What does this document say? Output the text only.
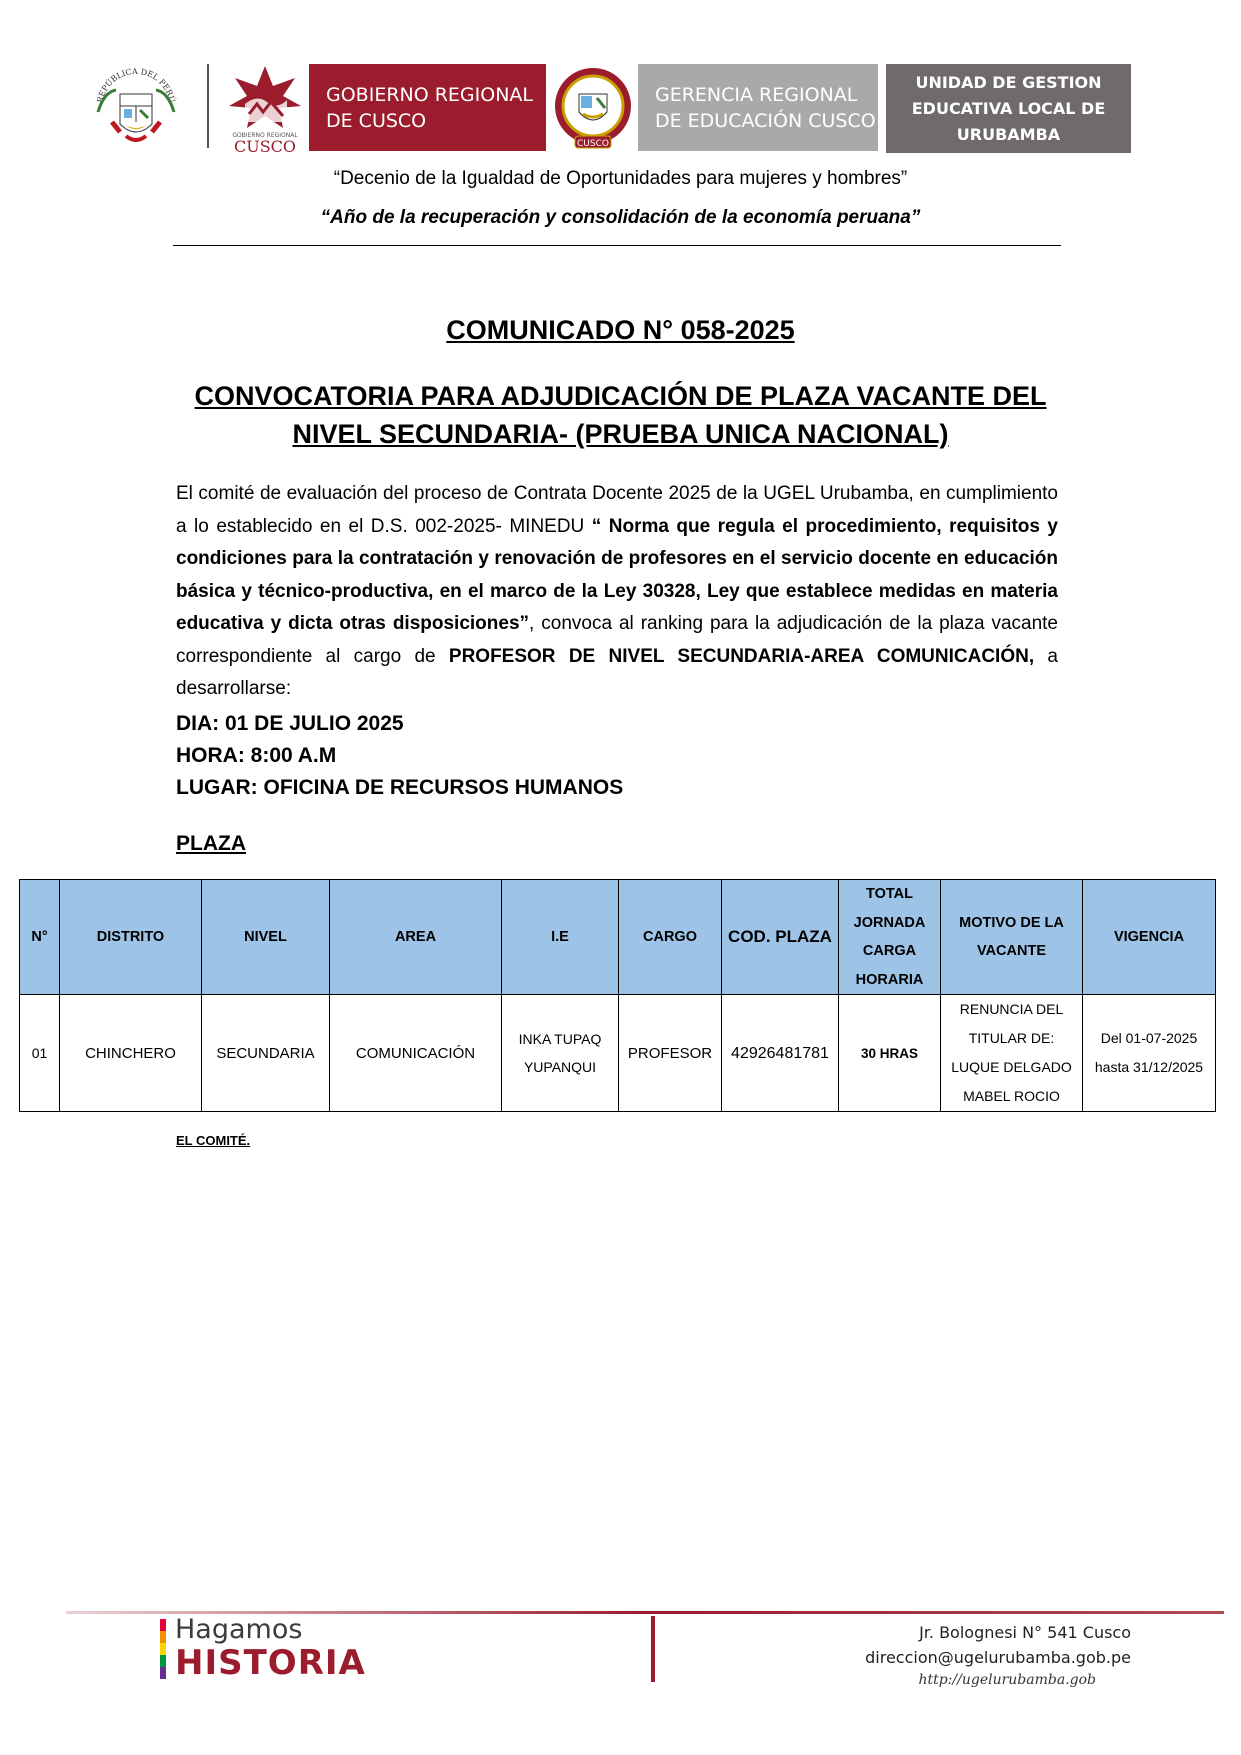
REPÚBLICA DEL PERÚ
GOBIERNO REGIONAL
CUSCO
GOBIERNO REGIONAL
DE CUSCO
CUSCO
GERENCIA REGIONAL
DE EDUCACIÓN CUSCO
UNIDAD DE GESTION
EDUCATIVA LOCAL DE
URUBAMBA
“Decenio de la Igualdad de Oportunidades para mujeres y hombres”
“Año de la recuperación y consolidación de la economía peruana”
COMUNICADO N° 058-2025
CONVOCATORIA PARA ADJUDICACIÓN DE PLAZA VACANTE DEL
NIVEL SECUNDARIA- (PRUEBA UNICA NACIONAL)
El comité de evaluación del proceso de Contrata Docente 2025 de la UGEL Urubamba, en cumplimiento a lo establecido en el D.S. 002-2025- MINEDU “ Norma que regula el procedimiento, requisitos y condiciones para la contratación y renovación de profesores en el servicio docente en educación básica y técnico-productiva, en el marco de la Ley 30328, Ley que establece medidas en materia educativa y dicta otras disposiciones”, convoca al ranking para la adjudicación de la plaza vacante correspondiente al cargo de PROFESOR DE NIVEL SECUNDARIA-AREA COMUNICACIÓN, a desarrollarse:
DIA: 01 DE JULIO 2025
HORA: 8:00 A.M
LUGAR: OFICINA DE RECURSOS HUMANOS
PLAZA
N°	DISTRITO	NIVEL	AREA	I.E	CARGO	COD. PLAZA	TOTAL JORNADA CARGA HORARIA	MOTIVO DE LA VACANTE	VIGENCIA
01	CHINCHERO	SECUNDARIA	COMUNICACIÓN	INKA TUPAQ YUPANQUI	PROFESOR	42926481781	30 HRAS	RENUNCIA DEL TITULAR DE: LUQUE DELGADO MABEL ROCIO	Del 01-07-2025 hasta 31/12/2025
EL COMITÉ.
Hagamos
HISTORIA
Jr. Bolognesi N° 541 Cusco
direccion@ugelurubamba.gob.pe
http://ugelurubamba.gob
